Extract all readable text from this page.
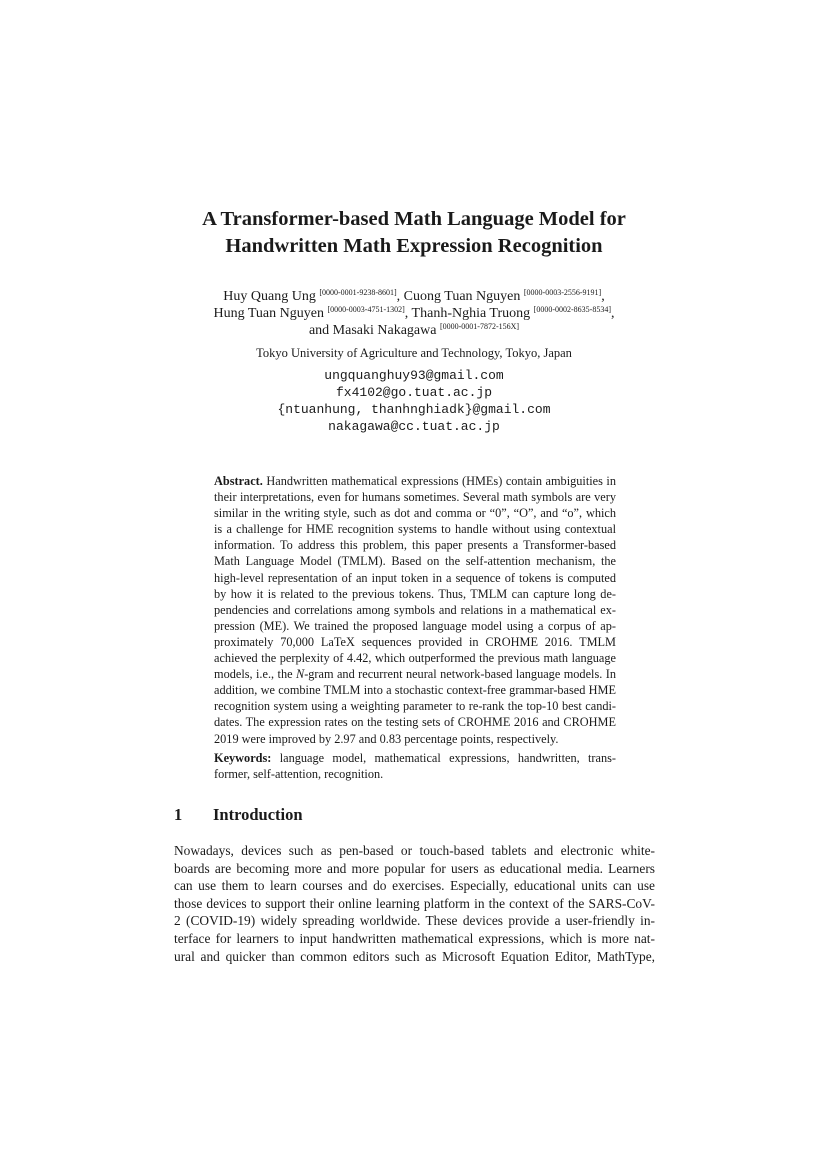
A Transformer-based Math Language Model for
Handwritten Math Expression Recognition
Huy Quang Ung [0000-0001-9238-8601], Cuong Tuan Nguyen [0000-0003-2556-9191],
Hung Tuan Nguyen [0000-0003-4751-1302], Thanh-Nghia Truong [0000-0002-8635-8534],
and Masaki Nakagawa [0000-0001-7872-156X]
Tokyo University of Agriculture and Technology, Tokyo, Japan
ungquanghuy93@gmail.com
fx4102@go.tuat.ac.jp
{ntuanhung, thanhnghiadk}@gmail.com
nakagawa@cc.tuat.ac.jp
Abstract. Handwritten mathematical expressions (HMEs) contain ambiguities in
their interpretations, even for humans sometimes. Several math symbols are very
similar in the writing style, such as dot and comma or “0”, “O”, and “o”, which
is a challenge for HME recognition systems to handle without using contextual
information. To address this problem, this paper presents a Transformer-based
Math Language Model (TMLM). Based on the self-attention mechanism, the
high-level representation of an input token in a sequence of tokens is computed
by how it is related to the previous tokens. Thus, TMLM can capture long de-
pendencies and correlations among symbols and relations in a mathematical ex-
pression (ME). We trained the proposed language model using a corpus of ap-
proximately 70,000 LaTeX sequences provided in CROHME 2016. TMLM
achieved the perplexity of 4.42, which outperformed the previous math language
models, i.e., the N-gram and recurrent neural network-based language models. In
addition, we combine TMLM into a stochastic context-free grammar-based HME
recognition system using a weighting parameter to re-rank the top-10 best candi-
dates. The expression rates on the testing sets of CROHME 2016 and CROHME
2019 were improved by 2.97 and 0.83 percentage points, respectively.
Keywords: language model, mathematical expressions, handwritten, trans-
former, self-attention, recognition.
1 Introduction
Nowadays, devices such as pen-based or touch-based tablets and electronic white-
boards are becoming more and more popular for users as educational media. Learners
can use them to learn courses and do exercises. Especially, educational units can use
those devices to support their online learning platform in the context of the SARS-CoV-
2 (COVID-19) widely spreading worldwide. These devices provide a user-friendly in-
terface for learners to input handwritten mathematical expressions, which is more nat-
ural and quicker than common editors such as Microsoft Equation Editor, MathType,
